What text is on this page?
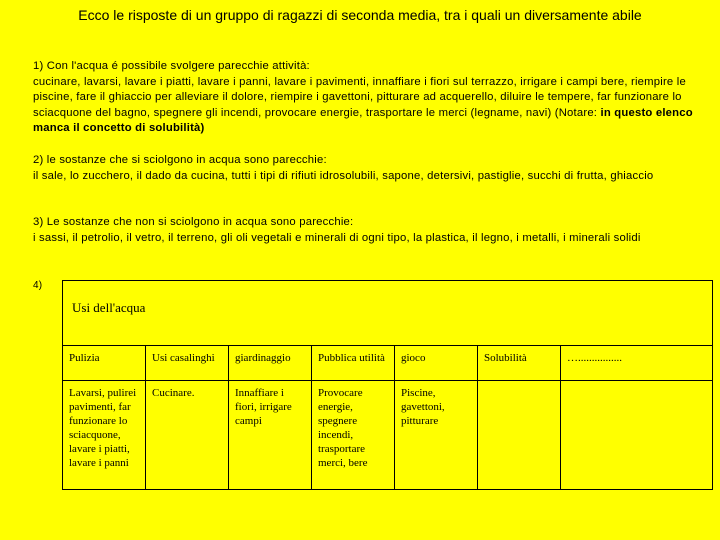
Ecco le risposte di un gruppo di ragazzi di seconda media, tra i quali un diversamente abile
1) Con l'acqua é possibile svolgere parecchie attività:
cucinare, lavarsi, lavare i piatti, lavare i panni, lavare i pavimenti, innaffiare i fiori sul terrazzo, irrigare i campi bere, riempire le piscine, fare il ghiaccio per alleviare il dolore, riempire i gavettoni, pitturare ad acquerello, diluire le tempere, far funzionare lo sciacquone del bagno, spegnere gli incendi, provocare energie, trasportare le merci (legname, navi) (Notare: in questo elenco manca il concetto di solubilità)
2) le sostanze che si sciolgono in acqua sono parecchie:
il sale, lo zucchero, il dado da cucina, tutti i tipi di rifiuti idrosolubili, sapone, detersivi, pastiglie, succhi di frutta, ghiaccio
3) Le sostanze che non si sciolgono in acqua sono parecchie:
i sassi, il petrolio, il vetro, il terreno, gli oli vegetali e minerali di ogni tipo, la plastica, il legno, i metalli, i minerali solidi
4)
Usi dell'acqua						
Pulizia	Usi casalinghi	giardinaggio	Pubblica utilità	gioco	Solubilità	…................
Lavarsi, pulirei pavimenti, far funzionare lo sciacquone, lavare i piatti, lavare i panni	Cucinare.	Innaffiare i fiori, irrigare campi	Provocare energie, spegnere incendi, trasportare merci, bere	Piscine, gavettoni, pitturare		
